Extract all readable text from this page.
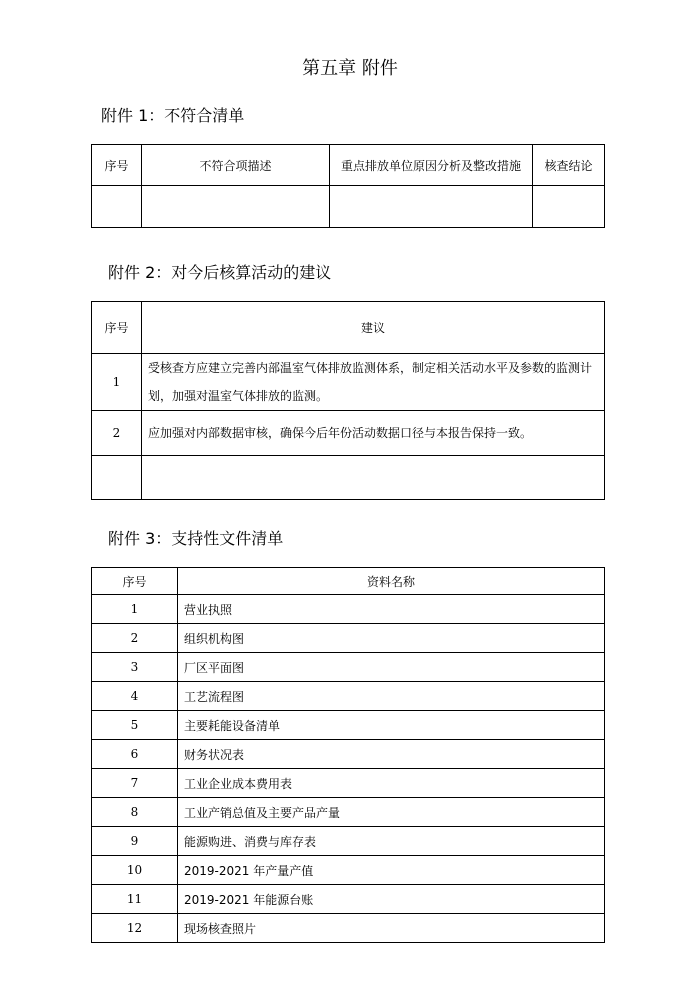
第五章 附件
附件 1：不符合清单
序号	不符合项描述	重点排放单位原因分析及整改措施	核查结论

附件 2：对今后核算活动的建议
序号	建议
1	受核查方应建立完善内部温室气体排放监测体系，制定相关活动水平及参数的监测计划，加强对温室气体排放的监测。
2	应加强对内部数据审核，确保今后年份活动数据口径与本报告保持一致。

附件 3：支持性文件清单
序号	资料名称
1	营业执照
2	组织机构图
3	厂区平面图
4	工艺流程图
5	主要耗能设备清单
6	财务状况表
7	工业企业成本费用表
8	工业产销总值及主要产品产量
9	能源购进、消费与库存表
10	2019-2021 年产量产值
11	2019-2021 年能源台账
12	现场核查照片
